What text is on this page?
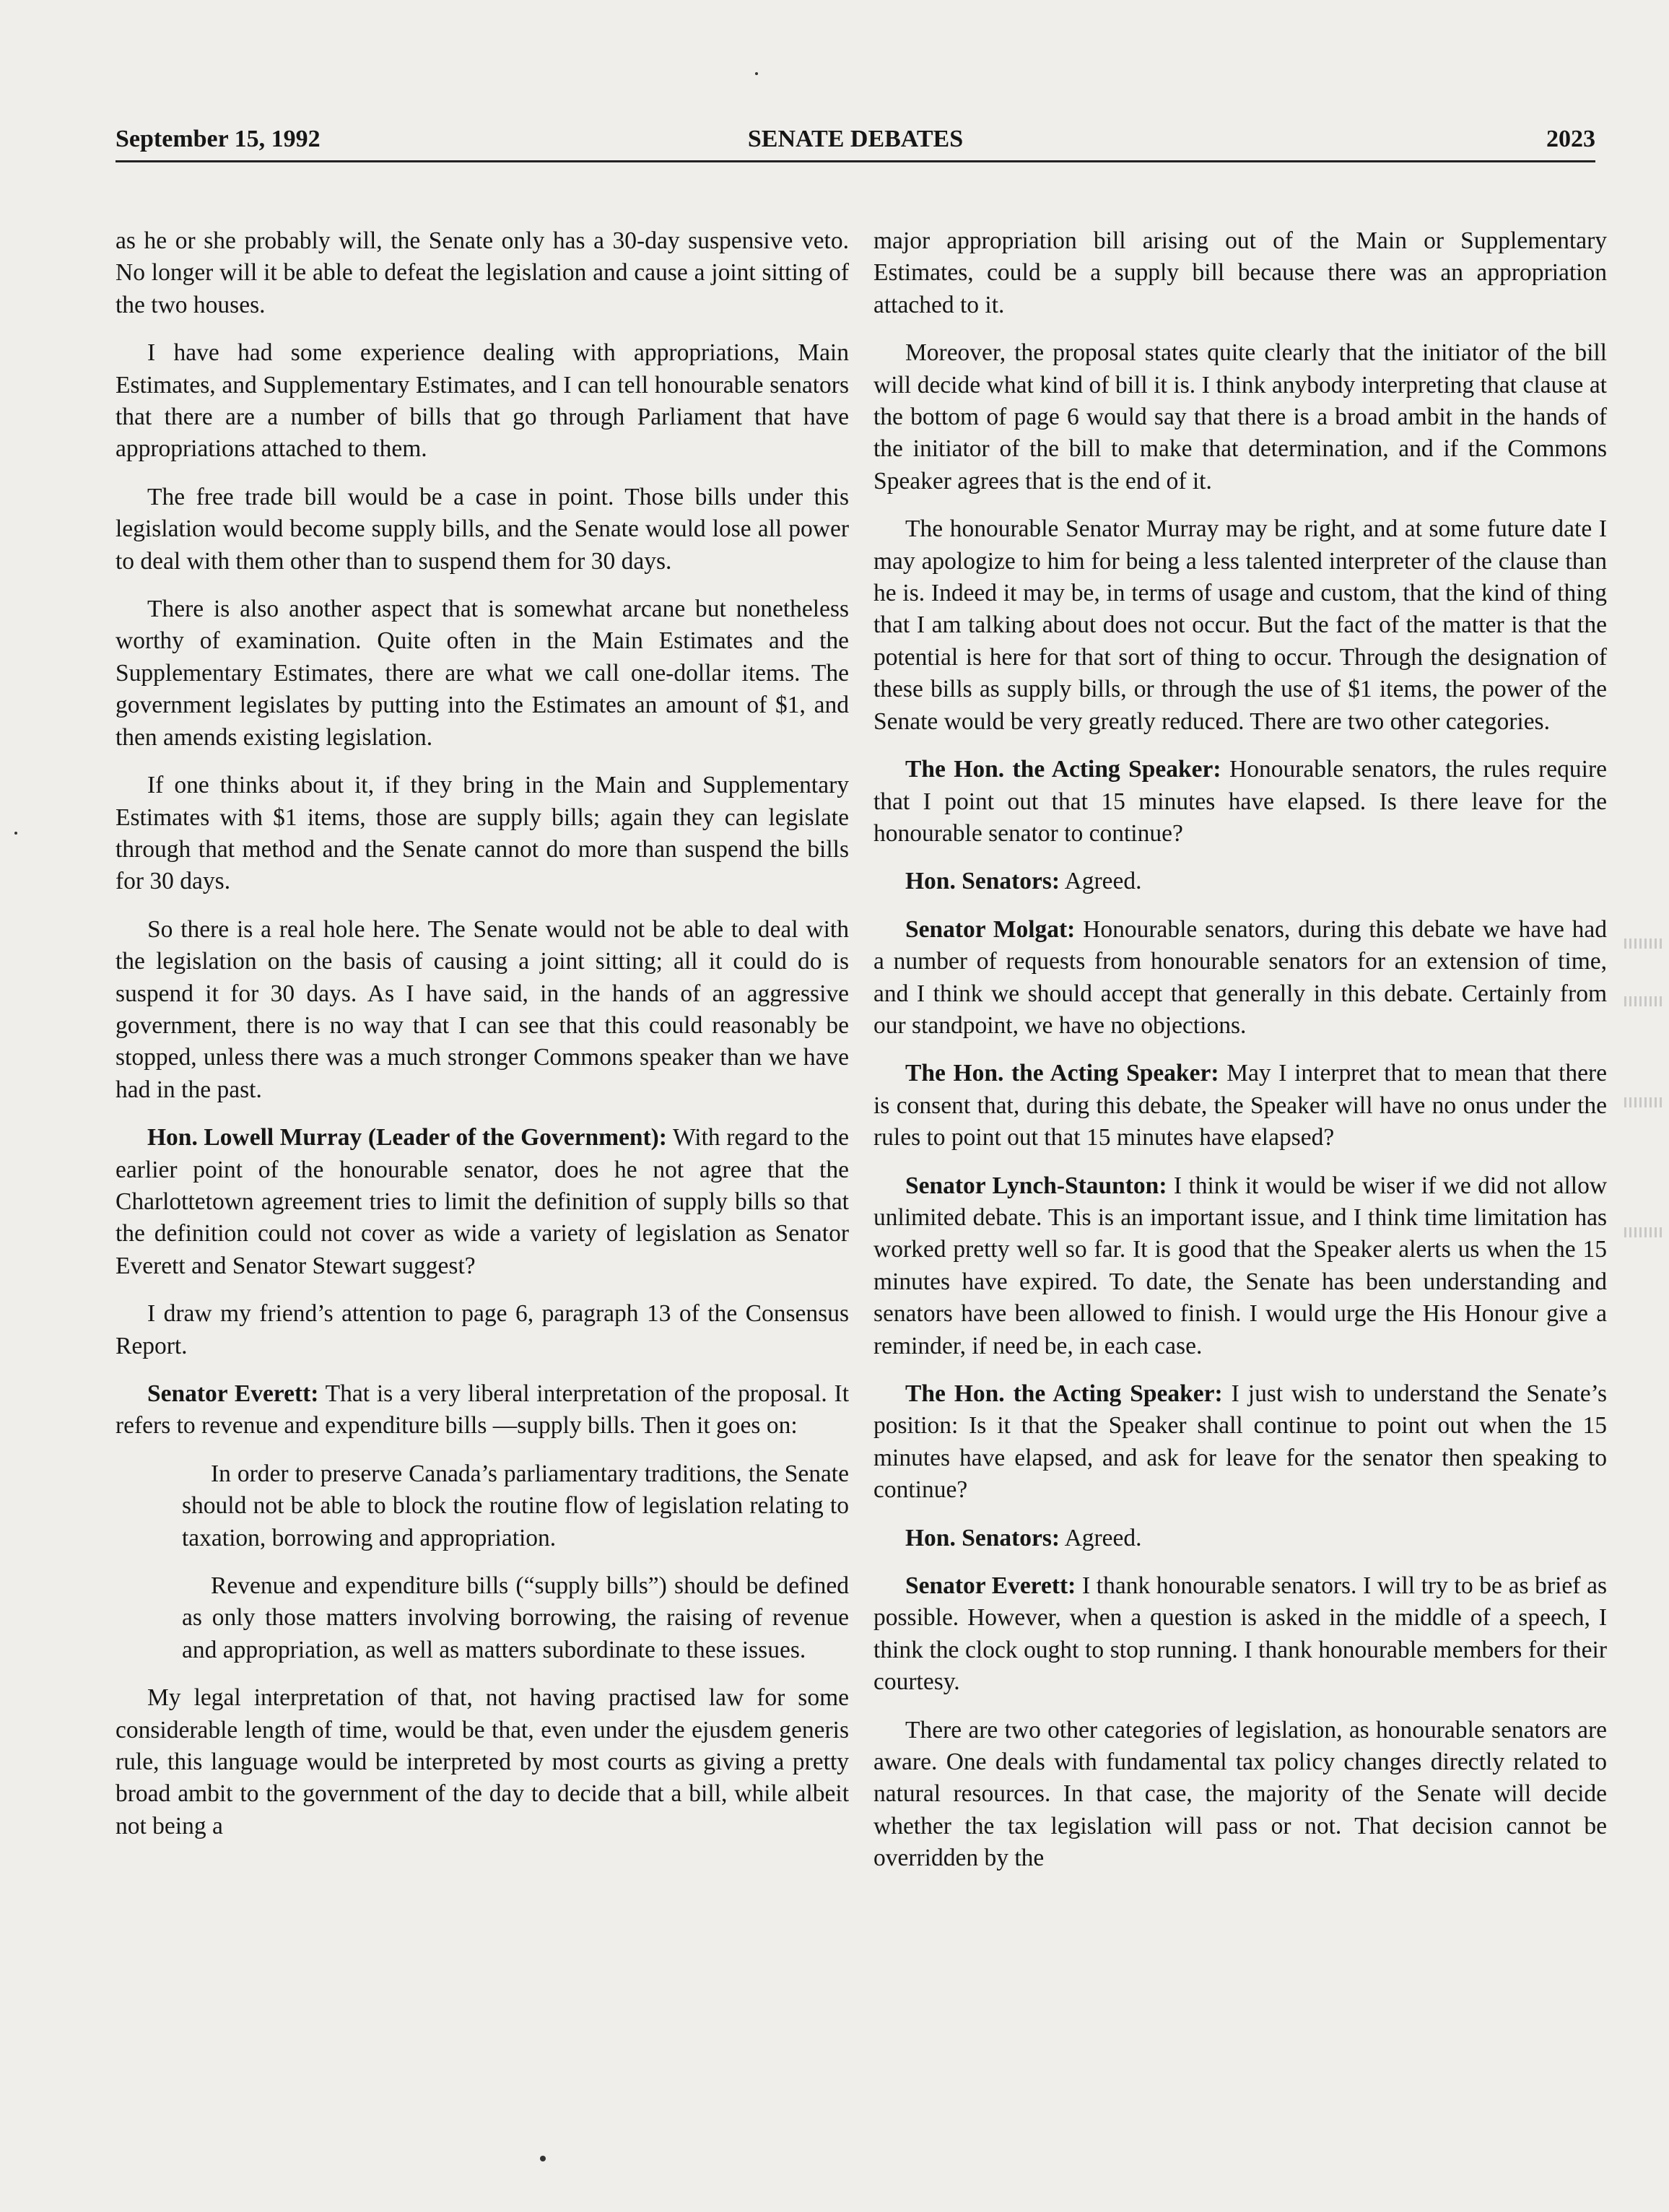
September 15, 1992	SENATE DEBATES	2023

as he or she probably will, the Senate only has a 30-day suspensive veto. No longer will it be able to defeat the legislation and cause a joint sitting of the two houses.

I have had some experience dealing with appropriations, Main Estimates, and Supplementary Estimates, and I can tell honourable senators that there are a number of bills that go through Parliament that have appropriations attached to them.

The free trade bill would be a case in point. Those bills under this legislation would become supply bills, and the Senate would lose all power to deal with them other than to suspend them for 30 days.

There is also another aspect that is somewhat arcane but nonetheless worthy of examination. Quite often in the Main Estimates and the Supplementary Estimates, there are what we call one-dollar items. The government legislates by putting into the Estimates an amount of $1, and then amends existing legislation.

If one thinks about it, if they bring in the Main and Supplementary Estimates with $1 items, those are supply bills; again they can legislate through that method and the Senate cannot do more than suspend the bills for 30 days.

So there is a real hole here. The Senate would not be able to deal with the legislation on the basis of causing a joint sitting; all it could do is suspend it for 30 days. As I have said, in the hands of an aggressive government, there is no way that I can see that this could reasonably be stopped, unless there was a much stronger Commons speaker than we have had in the past.

Hon. Lowell Murray (Leader of the Government): With regard to the earlier point of the honourable senator, does he not agree that the Charlottetown agreement tries to limit the definition of supply bills so that the definition could not cover as wide a variety of legislation as Senator Everett and Senator Stewart suggest?

I draw my friend’s attention to page 6, paragraph 13 of the Consensus Report.

Senator Everett: That is a very liberal interpretation of the proposal. It refers to revenue and expenditure bills —supply bills. Then it goes on:

In order to preserve Canada’s parliamentary traditions, the Senate should not be able to block the routine flow of legislation relating to taxation, borrowing and appropriation.

Revenue and expenditure bills (“supply bills”) should be defined as only those matters involving borrowing, the raising of revenue and appropriation, as well as matters subordinate to these issues.

My legal interpretation of that, not having practised law for some considerable length of time, would be that, even under the ejusdem generis rule, this language would be interpreted by most courts as giving a pretty broad ambit to the government of the day to decide that a bill, while albeit not being a

major appropriation bill arising out of the Main or Supplementary Estimates, could be a supply bill because there was an appropriation attached to it.

Moreover, the proposal states quite clearly that the initiator of the bill will decide what kind of bill it is. I think anybody interpreting that clause at the bottom of page 6 would say that there is a broad ambit in the hands of the initiator of the bill to make that determination, and if the Commons Speaker agrees that is the end of it.

The honourable Senator Murray may be right, and at some future date I may apologize to him for being a less talented interpreter of the clause than he is. Indeed it may be, in terms of usage and custom, that the kind of thing that I am talking about does not occur. But the fact of the matter is that the potential is here for that sort of thing to occur. Through the designation of these bills as supply bills, or through the use of $1 items, the power of the Senate would be very greatly reduced. There are two other categories.

The Hon. the Acting Speaker: Honourable senators, the rules require that I point out that 15 minutes have elapsed. Is there leave for the honourable senator to continue?

Hon. Senators: Agreed.

Senator Molgat: Honourable senators, during this debate we have had a number of requests from honourable senators for an extension of time, and I think we should accept that generally in this debate. Certainly from our standpoint, we have no objections.

The Hon. the Acting Speaker: May I interpret that to mean that there is consent that, during this debate, the Speaker will have no onus under the rules to point out that 15 minutes have elapsed?

Senator Lynch-Staunton: I think it would be wiser if we did not allow unlimited debate. This is an important issue, and I think time limitation has worked pretty well so far. It is good that the Speaker alerts us when the 15 minutes have expired. To date, the Senate has been understanding and senators have been allowed to finish. I would urge the His Honour give a reminder, if need be, in each case.

The Hon. the Acting Speaker: I just wish to understand the Senate’s position: Is it that the Speaker shall continue to point out when the 15 minutes have elapsed, and ask for leave for the senator then speaking to continue?

Hon. Senators: Agreed.

Senator Everett: I thank honourable senators. I will try to be as brief as possible. However, when a question is asked in the middle of a speech, I think the clock ought to stop running. I thank honourable members for their courtesy.

There are two other categories of legislation, as honourable senators are aware. One deals with fundamental tax policy changes directly related to natural resources. In that case, the majority of the Senate will decide whether the tax legislation will pass or not. That decision cannot be overridden by the
